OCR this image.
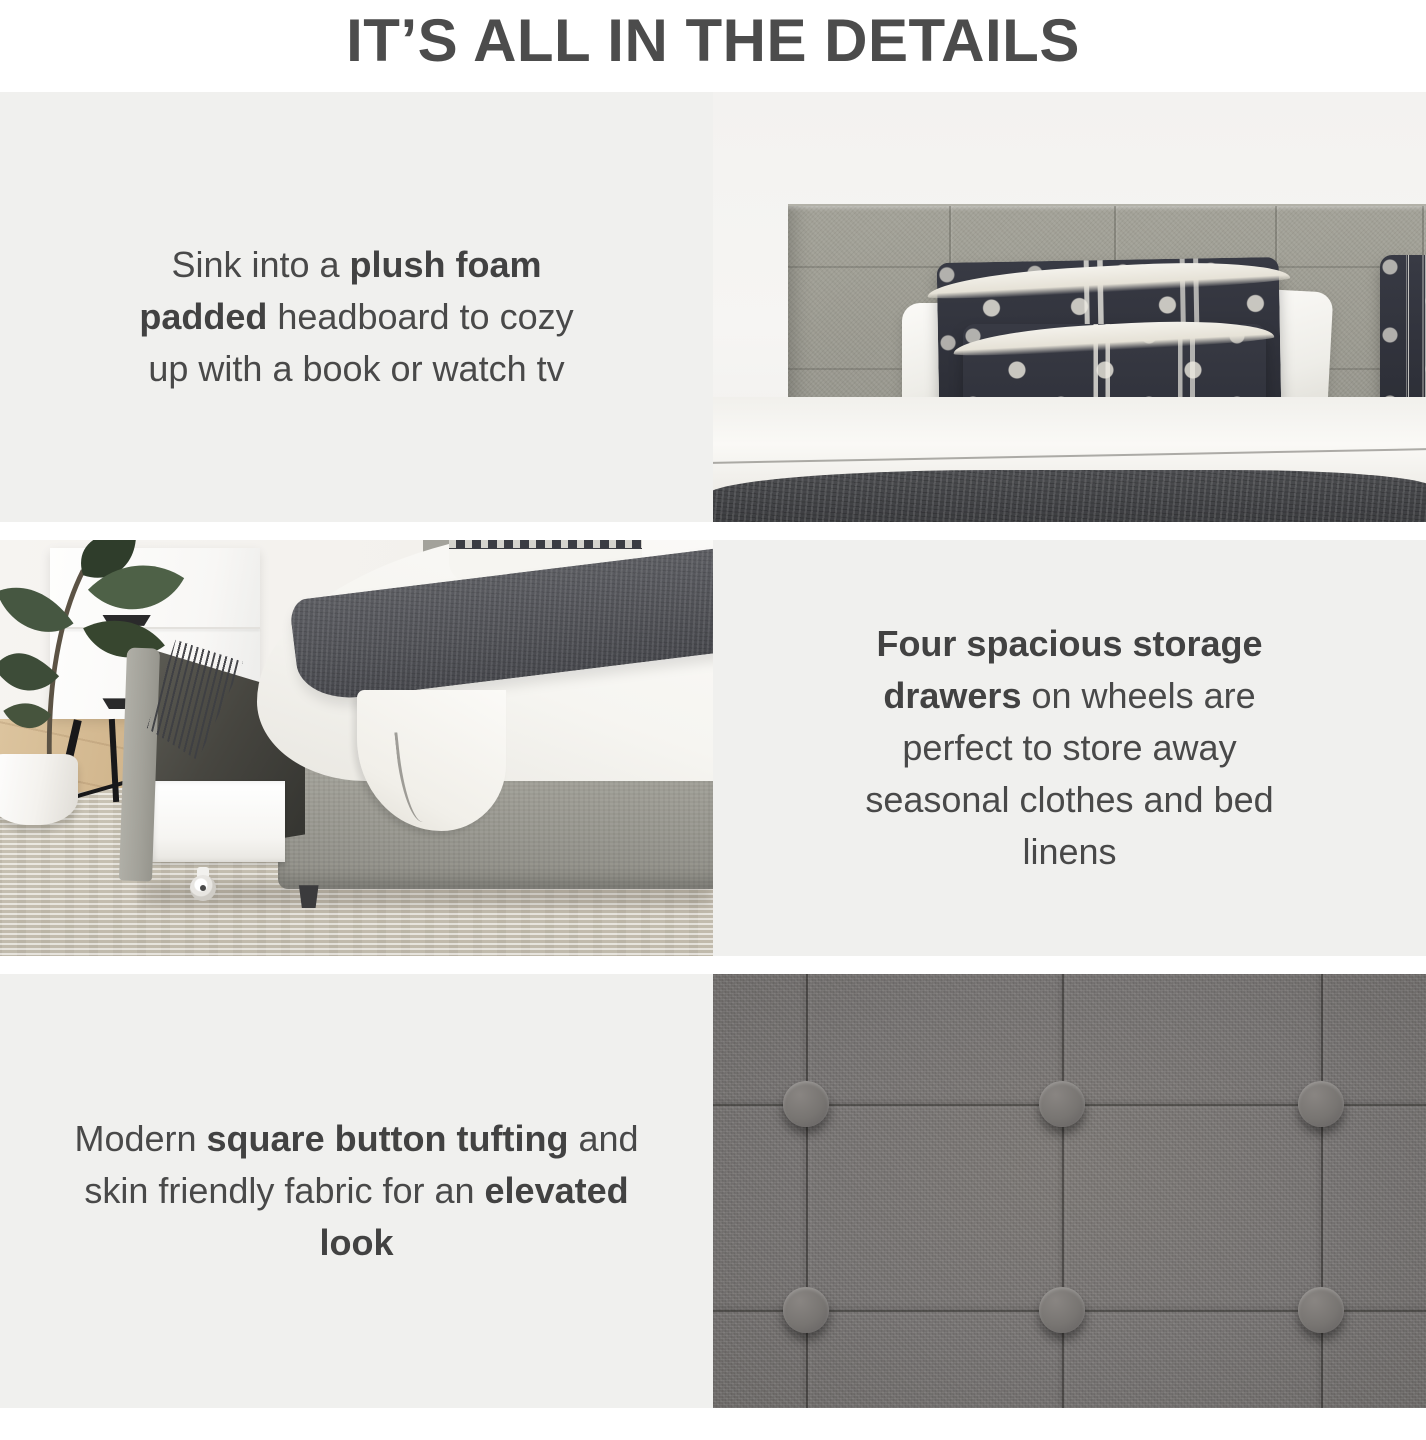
IT’S ALL IN THE DETAILS

Sink into a plush foam padded headboard to cozy up with a book or watch tv

Four spacious storage drawers on wheels are perfect to store away seasonal clothes and bed linens

Modern square button tufting and skin friendly fabric for an elevated look
